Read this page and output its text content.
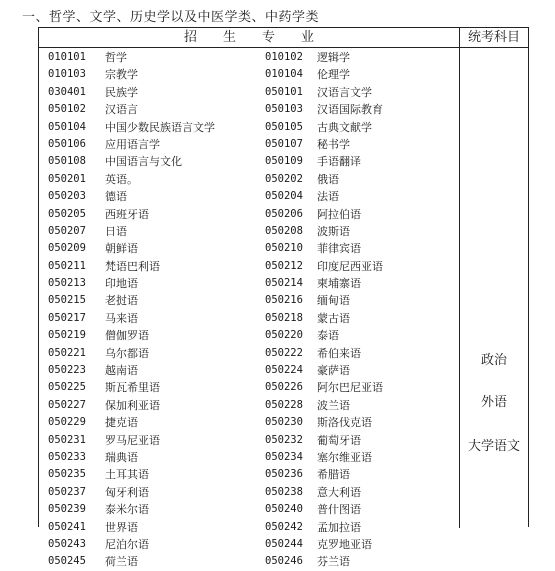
一、哲学、文学、历史学以及中医学类、中药学类
招生专业	统考科目
010101 哲学	010102 逻辑学
010103 宗教学	010104 伦理学
030401 民族学	050101 汉语言文学
050102 汉语言	050103 汉语国际教育
050104 中国少数民族语言文学	050105 古典文献学
050106 应用语言学	050107 秘书学
050108 中国语言与文化	050109 手语翻译
050201 英语。	050202 俄语
050203 德语	050204 法语
050205 西班牙语	050206 阿拉伯语
050207 日语	050208 波斯语
050209 朝鲜语	050210 菲律宾语
050211 梵语巴利语	050212 印度尼西亚语
050213 印地语	050214 柬埔寨语
050215 老挝语	050216 缅甸语
050217 马来语	050218 蒙古语
050219 僧伽罗语	050220 泰语
050221 乌尔都语	050222 希伯来语
050223 越南语	050224 豪萨语
050225 斯瓦希里语	050226 阿尔巴尼亚语
050227 保加利亚语	050228 波兰语
050229 捷克语	050230 斯洛伐克语
050231 罗马尼亚语	050232 葡萄牙语
050233 瑞典语	050234 塞尔维亚语
050235 土耳其语	050236 希腊语
050237 匈牙利语	050238 意大利语
050239 泰米尔语	050240 普什图语
050241 世界语	050242 孟加拉语
050243 尼泊尔语	050244 克罗地亚语
050245 荷兰语	050246 芬兰语
政治
外语
大学语文
